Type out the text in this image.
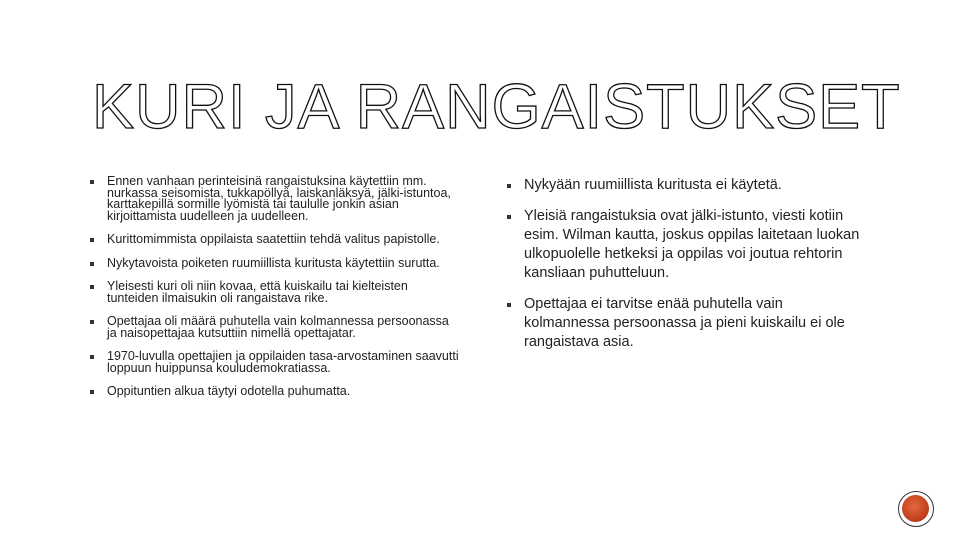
KURI JA RANGAISTUKSET
Ennen vanhaan perinteisinä rangaistuksina käytettiin mm. nurkassa seisomista, tukkapöllyä, laiskanläksyä, jälki-istuntoa, karttakepillä sormille lyömistä tai taululle jonkin asian kirjoittamista uudelleen ja uudelleen.
Kurittomimmista oppilaista saatettiin tehdä valitus papistolle.
Nykytavoista poiketen ruumiillista kuritusta käytettiin suruttа.
Yleisesti kuri oli niin kovaa, että kuiskailu tai kielteisten tunteiden ilmaisukin oli rangaistava rike.
Opettajaa oli määrä puhutella vain kolmannessa persoonassa ja naisopettajaa kutsuttiin nimellä opettajatar.
1970-luvulla opettajien ja oppilaiden tasa-arvostaminen saavutti loppuun huippunsa kouludemokratiassa.
Oppituntien alkua täytyi odotella puhumatta.
Nykyään ruumiillista kuritusta ei käytetä.
Yleisiä rangaistuksia ovat jälki-istunto, viesti kotiin esim. Wilman kautta, joskus oppilas laitetaan luokan ulkopuolelle hetkeksi ja oppilas voi joutua rehtorin kansliaan puhutteluun.
Opettajaa ei tarvitse enää puhutella vain kolmannessa persoonassa ja pieni kuiskailu ei ole rangaistava asia.
